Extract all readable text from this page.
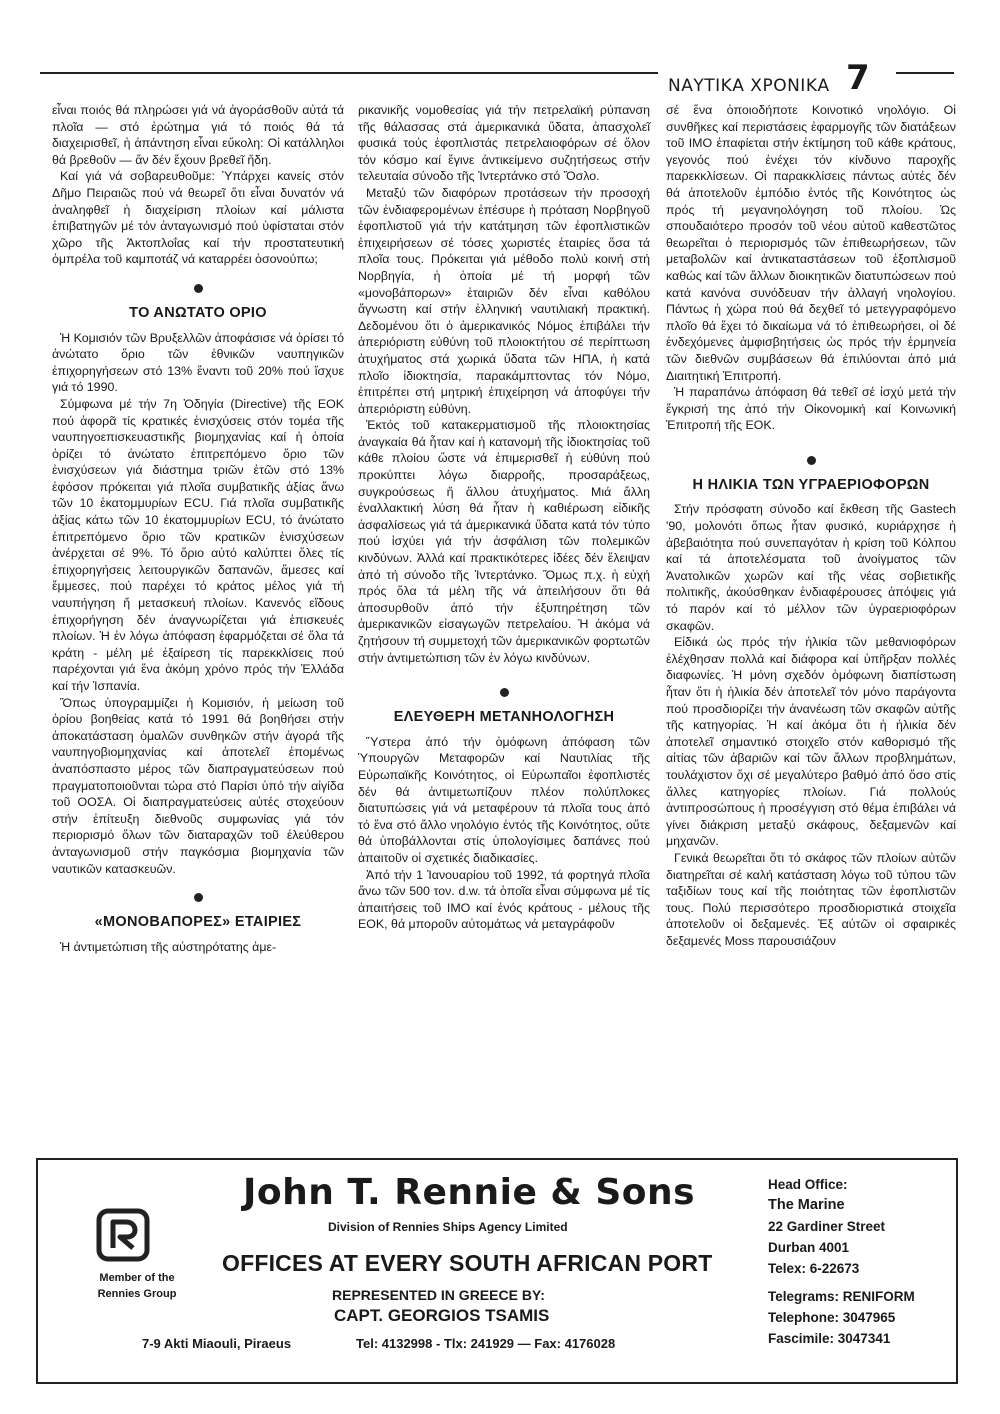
ΝΑΥΤΙΚΑ ΧΡΟΝΙΚΑ 7

εἶναι ποιός θά πληρώσει γιά νά ἀγοράσθοῦν αὐτά τά πλοῖα — στό ἐρώτημα γιά τό ποιός θά τά διαχειρισθεῖ, ἡ ἀπάντηση εἶναι εὔκολη: Οἱ κατάλληλοι θά βρεθοῦν — ἄν δέν ἔχουν βρεθεῖ ἤδη.

Καί γιά νά σοβαρευθοῦμε: Ὑπάρχει κανείς στόν Δῆμο Πειραιῶς πού νά θεωρεῖ ὅτι εἶναι δυνατόν νά ἀναληφθεῖ ἡ διαχείριση πλοίων καί μάλιστα ἐπιβατηγῶν μέ τόν ἀνταγωνισμό πού ὑφίσταται στόν χῶρο τῆς Ἀκτοπλοΐας καί τήν προστατευτική ὀμπρέλα τοῦ καμποτάζ νά καταρρέει ὁσονούπω;

ΤΟ ΑΝΩΤΑΤΟ ΟΡΙΟ

Ἡ Κομισιόν τῶν Βρυξελλῶν ἀποφάσισε νά ὁρίσει τό ἀνώτατο ὅριο τῶν ἐθνικῶν ναυπηγικῶν ἐπιχορηγήσεων στό 13% ἔναντι τοῦ 20% πού ἴσχυε γιά τό 1990.

Σύμφωνα μέ τήν 7η Ὁδηγία (Directive) τῆς ΕΟΚ πού ἀφορᾶ τίς κρατικές ἐνισχύσεις στόν τομέα τῆς ναυπηγοεπισκευαστικῆς βιομηχανίας καί ἡ ὁποία ὁρίζει τό ἀνώτατο ἐπιτρεπόμενο ὅριο τῶν ἐνισχύσεων γιά διάστημα τριῶν ἐτῶν στό 13% ἐφόσον πρόκειται γιά πλοῖα συμβατικῆς ἀξίας ἄνω τῶν 10 ἑκατομμυρίων ECU. Γιά πλοῖα συμβατικῆς ἀξίας κάτω τῶν 10 ἑκατομμυρίων ECU, τό ἀνώτατο ἐπιτρεπόμενο ὅριο τῶν κρατικῶν ἐνισχύσεων ἀνέρχεται σέ 9%. Τό ὅριο αὐτό καλύπτει ὅλες τίς ἐπιχορηγήσεις λειτουργικῶν δαπανῶν, ἄμεσες καί ἔμμεσες, πού παρέχει τό κράτος μέλος γιά τή ναυπήγηση ἤ μετασκευή πλοίων. Κανενός εἴδους ἐπιχορήγηση δέν ἀναγνωρίζεται γιά ἐπισκευές πλοίων. Ἡ ἐν λόγω ἀπόφαση ἐφαρμόζεται σέ ὅλα τά κράτη - μέλη μέ ἐξαίρεση τίς παρεκκλίσεις πού παρέχονται γιά ἕνα ἀκόμη χρόνο πρός τήν Ἑλλάδα καί τήν Ἱσπανία.

Ὅπως ὑπογραμμίζει ἡ Κομισιόν, ἡ μείωση τοῦ ὁρίου βοηθείας κατά τό 1991 θά βοηθήσει στήν ἀποκατάσταση ὁμαλῶν συνθηκῶν στήν ἀγορά τῆς ναυπηγοβιομηχανίας καί ἀποτελεῖ ἑπομένως ἀναπόσπαστο μέρος τῶν διαπραγματεύσεων πού πραγματοποιοῦνται τώρα στό Παρίσι ὑπό τήν αἰγίδα τοῦ ΟΟΣΑ. Οἱ διαπραγματεύσεις αὐτές στοχεύουν στήν ἐπίτευξη διεθνοῦς συμφωνίας γιά τόν περιορισμό ὅλων τῶν διαταραχῶν τοῦ ἐλεύθερου ἀνταγωνισμοῦ στήν παγκόσμια βιομηχανία τῶν ναυτικῶν κατασκευῶν.

«ΜΟΝΟΒΑΠΟΡΕΣ» ΕΤΑΙΡΙΕΣ

Ἡ ἀντιμετώπιση τῆς αὐστηρότατης ἀμε-

ρικανικῆς νομοθεσίας γιά τήν πετρελαϊκή ρύπανση τῆς θάλασσας στά ἀμερικανικά ὕδατα, ἀπασχολεῖ φυσικά τούς ἐφοπλιστάς πετρελαιοφόρων σέ ὅλον τόν κόσμο καί ἔγινε ἀντικείμενο συζητήσεως στήν τελευταία σύνοδο τῆς Ἰντερτάνκο στό Ὄσλο.

Μεταξύ τῶν διαφόρων προτάσεων τήν προσοχή τῶν ἐνδιαφερομένων ἐπέσυρε ἡ πρόταση Νορβηγοῦ ἐφοπλιστοῦ γιά τήν κατάτμηση τῶν ἐφοπλιστικῶν ἐπιχειρήσεων σέ τόσες χωριστές ἑταιρίες ὅσα τά πλοῖα τους. Πρόκειται γιά μέθοδο πολύ κοινή στή Νορβηγία, ἡ ὁποία μέ τή μορφή τῶν «μονοβάπορων» ἑταιριῶν δέν εἶναι καθόλου ἄγνωστη καί στήν ἑλληνική ναυτιλιακή πρακτική. Δεδομένου ὅτι ὁ ἀμερικανικός Νόμος ἐπιβάλει τήν ἀπεριόριστη εὐθύνη τοῦ πλοιοκτήτου σέ περίπτωση ἀτυχήματος στά χωρικά ὕδατα τῶν ΗΠΑ, ἡ κατά πλοῖο ἰδιοκτησία, παρακάμπτοντας τόν Νόμο, ἐπιτρέπει στή μητρική ἐπιχείρηση νά ἀποφύγει τήν ἀπεριόριστη εὐθύνη.

Ἐκτός τοῦ κατακερματισμοῦ τῆς πλοιοκτησίας ἀναγκαία θά ἦταν καί ἡ κατανομή τῆς ἰδιοκτησίας τοῦ κάθε πλοίου ὥστε νά ἐπιμερισθεῖ ἡ εὐθύνη πού προκύπτει λόγω διαρροῆς, προσαράξεως, συγκρούσεως ἤ ἄλλου ἀτυχήματος. Μιά ἄλλη ἐναλλακτική λύση θά ἦταν ἡ καθιέρωση εἰδικῆς ἀσφαλίσεως γιά τά ἀμερικανικά ὕδατα κατά τόν τύπο πού ἰσχύει γιά τήν ἀσφάλιση τῶν πολεμικῶν κινδύνων. Ἀλλά καί πρακτικότερες ἰδέες δέν ἔλειψαν ἀπό τή σύνοδο τῆς Ἰντερτάνκο. Ὅμως π.χ. ἡ εὐχή πρός ὅλα τά μέλη τῆς νά ἀπειλήσουν ὅτι θά ἀποσυρθοῦν ἀπό τήν ἐξυπηρέτηση τῶν ἀμερικανικῶν εἰσαγωγῶν πετρελαίου. Ἡ ἀκόμα νά ζητήσουν τή συμμετοχή τῶν ἀμερικανικῶν φορτωτῶν στήν ἀντιμετώπιση τῶν ἐν λόγω κινδύνων.

ΕΛΕΥΘΕΡΗ ΜΕΤΑΝΗΟΛΟΓΗΣΗ

Ὕστερα ἀπό τήν ὁμόφωνη ἀπόφαση τῶν Ὑπουργῶν Μεταφορῶν καί Ναυτιλίας τῆς Εὐρωπαϊκῆς Κοινότητος, οἱ Εὐρωπαῖοι ἐφοπλιστές δέν θά ἀντιμετωπίζουν πλέον πολύπλοκες διατυπώσεις γιά νά μεταφέρουν τά πλοῖα τους ἀπό τό ἕνα στό ἄλλο νηολόγιο ἐντός τῆς Κοινότητος, οὔτε θά ὑποβάλλονται στίς ὑπολογίσιμες δαπάνες πού ἀπαιτοῦν οἱ σχετικές διαδικασίες.

Ἀπό τήν 1 Ἰανουαρίου τοῦ 1992, τά φορτηγά πλοῖα ἄνω τῶν 500 τον. d.w. τά ὁποῖα εἶναι σύμφωνα μέ τίς ἀπαιτήσεις τοῦ IMO καί ἑνός κράτους - μέλους τῆς ΕΟΚ, θά μποροῦν αὐτομάτως νά μεταγράφοῦν

σέ ἕνα ὁποιοδήποτε Κοινοτικό νηολόγιο. Οἱ συνθῆκες καί περιστάσεις ἐφαρμογῆς τῶν διατάξεων τοῦ IMO ἐπαφίεται στήν ἐκτίμηση τοῦ κάθε κράτους, γεγονός πού ἐνέχει τόν κίνδυνο παροχῆς παρεκκλίσεων. Οἱ παρακκλίσεις πάντως αὐτές δέν θά ἀποτελοῦν ἐμπόδιο ἐντός τῆς Κοινότητος ὡς πρός τή μεγανηολόγηση τοῦ πλοίου. Ὡς σπουδαιότερο προσόν τοῦ νέου αὐτοῦ καθεστῶτος θεωρεῖται ὁ περιορισμός τῶν ἐπιθεωρήσεων, τῶν μεταβολῶν καί ἀντικαταστάσεων τοῦ ἐξοπλισμοῦ καθώς καί τῶν ἄλλων διοικητικῶν διατυπώσεων πού κατά κανόνα συνόδευαν τήν ἀλλαγή νηολογίου. Πάντως ἡ χώρα πού θά δεχθεῖ τό μετεγγραφόμενο πλοῖο θά ἔχει τό δικαίωμα νά τό ἐπιθεωρήσει, οἱ δέ ἐνδεχόμενες ἀμφισβητήσεις ὡς πρός τήν ἑρμηνεία τῶν διεθνῶν συμβάσεων θά ἐπιλύονται ἀπό μιά Διαιτητική Ἐπιτροπή.

Ἡ παραπάνω ἀπόφαση θά τεθεῖ σέ ἰσχύ μετά τήν ἔγκρισή της ἀπό τήν Οἰκονομική καί Κοινωνική Ἐπιτροπή τῆς ΕΟΚ.

Η ΗΛΙΚΙΑ ΤΩΝ ΥΓΡΑΕΡΙΟΦΟΡΩΝ

Στήν πρόσφατη σύνοδο καί ἔκθεση τῆς Gastech '90, μολονότι ὅπως ἦταν φυσικό, κυριάρχησε ἡ ἀβεβαιότητα πού συνεπαγόταν ἡ κρίση τοῦ Κόλπου καί τά ἀποτελέσματα τοῦ ἀνοίγματος τῶν Ἀνατολικῶν χωρῶν καί τῆς νέας σοβιετικῆς πολιτικῆς, ἀκούσθηκαν ἐνδιαφέρουσες ἀπόψεις γιά τό παρόν καί τό μέλλον τῶν ὑγραεριοφόρων σκαφῶν.

Εἰδικά ὡς πρός τήν ἡλικία τῶν μεθανιοφόρων ἐλέχθησαν πολλά καί διάφορα καί ὑπῆρξαν πολλές διαφωνίες. Ἡ μόνη σχεδόν ὁμόφωνη διαπίστωση ἦταν ὅτι ἡ ἡλικία δέν ἀποτελεῖ τόν μόνο παράγοντα πού προσδιορίζει τήν ἀνανέωση τῶν σκαφῶν αὐτῆς τῆς κατηγορίας. Ἡ καί ἀκόμα ὅτι ἡ ἡλικία δέν ἀποτελεῖ σημαντικό στοιχεῖο στόν καθορισμό τῆς αἰτίας τῶν ἀβαριῶν καί τῶν ἄλλων προβλημάτων, τουλάχιστον ὄχι σέ μεγαλύτερο βαθμό ἀπό ὅσο στίς ἄλλες κατηγορίες πλοίων. Γιά πολλούς ἀντιπροσώπους ἡ προσέγγιση στό θέμα ἐπιβάλει νά γίνει διάκριση μεταξύ σκάφους, δεξαμενῶν καί μηχανῶν.

Γενικά θεωρεῖται ὅτι τό σκάφος τῶν πλοίων αὐτῶν διατηρεῖται σέ καλή κατάσταση λόγω τοῦ τύπου τῶν ταξιδίων τους καί τῆς ποιότητας τῶν ἐφοπλιστῶν τους. Πολύ περισσότερο προσδιοριστικά στοιχεῖα ἀποτελοῦν οἱ δεξαμενές. Ἐξ αὐτῶν οἱ σφαιρικές δεξαμενές Moss παρουσιάζουν

Member of the
Rennies Group
John T. Rennie & Sons
Division of Rennies Ships Agency Limited
OFFICES AT EVERY SOUTH AFRICAN PORT
REPRESENTED IN GREECE BY:
CAPT. GEORGIOS TSAMIS
7-9 Akti Miaouli, Piraeus	Tel: 4132998 - Tlx: 241929 — Fax: 4176028
Head Office:
The Marine
22 Gardiner Street
Durban 4001
Telex: 6-22673
Telegrams: RENIFORM
Telephone: 3047965
Fascimile: 3047341
